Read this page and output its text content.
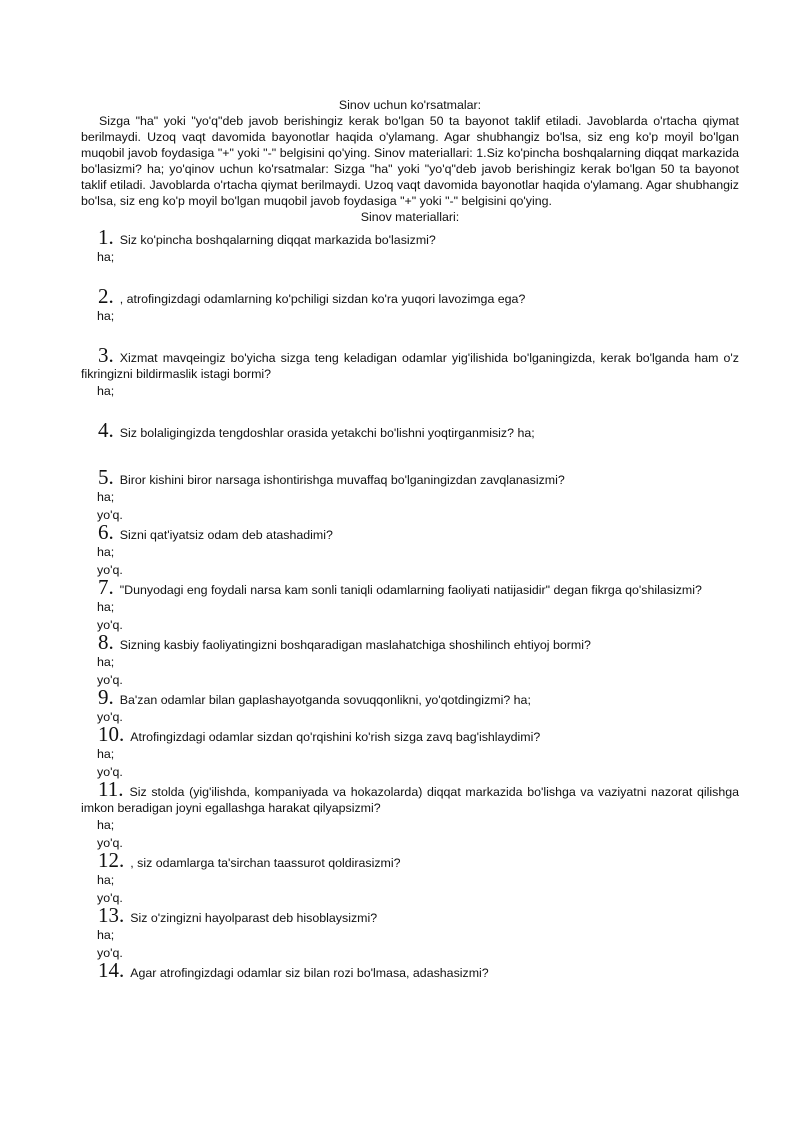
Sinov uchun ko'rsatmalar:

Sizga "ha" yoki "yo'q"deb javob berishingiz kerak bo'lgan 50 ta bayonot taklif etiladi. Javoblarda o'rtacha qiymat berilmaydi. Uzoq vaqt davomida bayonotlar haqida o'ylamang. Agar shubhangiz bo'lsa, siz eng ko'p moyil bo'lgan muqobil javob foydasiga "+" yoki "-" belgisini qo'ying. Sinov materiallari: 1.Siz ko'pincha boshqalarning diqqat markazida bo'lasizmi? ha; yo'qinov uchun ko'rsatmalar: Sizga "ha" yoki "yo'q"deb javob berishingiz kerak bo'lgan 50 ta bayonot taklif etiladi. Javoblarda o'rtacha qiymat berilmaydi. Uzoq vaqt davomida bayonotlar haqida o'ylamang. Agar shubhangiz bo'lsa, siz eng ko'p moyil bo'lgan muqobil javob foydasiga "+" yoki "-" belgisini qo'ying.

Sinov materiallari:

1. Siz ko'pincha boshqalarning diqqat markazida bo'lasizmi?
ha;
2. , atrofingizdagi odamlarning ko'pchiligi sizdan ko'ra yuqori lavozimga ega?
ha;
3. Xizmat mavqeingiz bo'yicha sizga teng keladigan odamlar yig'ilishida bo'lganingizda, kerak bo'lganda ham o'z fikringizni bildirmaslik istagi bormi?
ha;
4. Siz bolaligingizda tengdoshlar orasida yetakchi bo'lishni yoqtirganmisiz? ha;
5. Biror kishini biror narsaga ishontirishga muvaffaq bo'lganingizdan zavqlanasizmi?
ha;
yo'q.
6. Sizni qat'iyatsiz odam deb atashadimi?
ha;
yo'q.
7. "Dunyodagi eng foydali narsa kam sonli taniqli odamlarning faoliyati natijasidir" degan fikrga qo'shilasizmi?
ha;
yo'q.
8. Sizning kasbiy faoliyatingizni boshqaradigan maslahatchiga shoshilinch ehtiyoj bormi?
ha;
yo'q.
9. Ba'zan odamlar bilan gaplashayotganda sovuqqonlikni, yo'qotdingizmi? ha;
yo'q.
10. Atrofingizdagi odamlar sizdan qo'rqishini ko'rish sizga zavq bag'ishlaydimi?
ha;
yo'q.
11. Siz stolda (yig'ilishda, kompaniyada va hokazolarda) diqqat markazida bo'lishga va vaziyatni nazorat qilishga imkon beradigan joyni egallashga harakat qilyapsizmi?
ha;
yo'q.
12. , siz odamlarga ta'sirchan taassurot qoldirasizmi?
ha;
yo'q.
13. Siz o'zingizni hayolparast deb hisoblaysizmi?
ha;
yo'q.
14. Agar atrofingizdagi odamlar siz bilan rozi bo'lmasa, adashasizmi?
